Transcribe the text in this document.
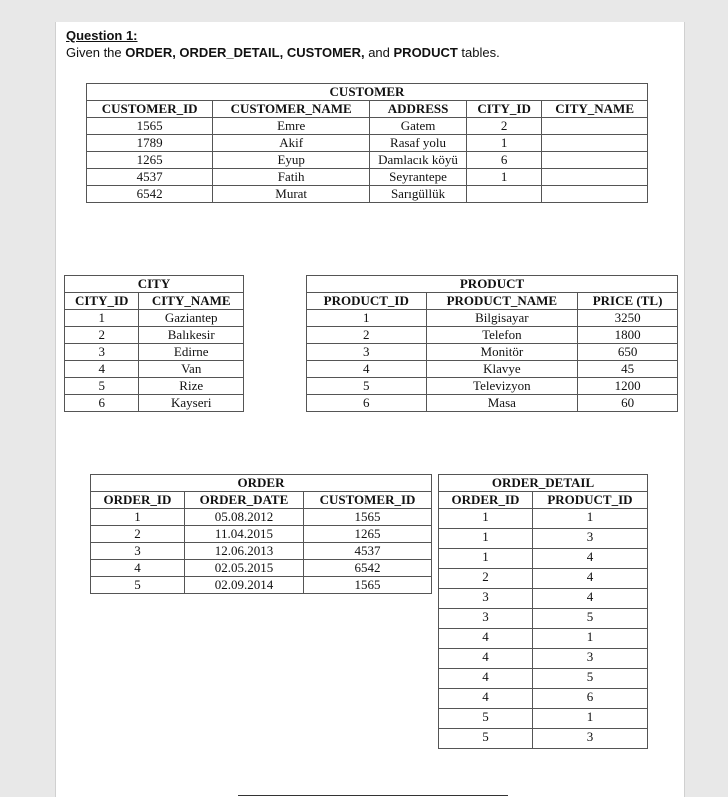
Question 1:
Given the ORDER, ORDER_DETAIL, CUSTOMER, and PRODUCT tables.
CUSTOMER				
CUSTOMER_ID	CUSTOMER_NAME	ADDRESS	CITY_ID	CITY_NAME
1565	Emre	Gatem	2	
1789	Akif	Rasaf yolu	1	
1265	Eyup	Damlacık köyü	6	
4537	Fatih	Seyrantepe	1	
6542	Murat	Sarıgüllük		
CITY	
CITY_ID	CITY_NAME
1	Gaziantep
2	Balıkesir
3	Edirne
4	Van
5	Rize
6	Kayseri
PRODUCT		
PRODUCT_ID	PRODUCT_NAME	PRICE (TL)
1	Bilgisayar	3250
2	Telefon	1800
3	Monitör	650
4	Klavye	45
5	Televizyon	1200
6	Masa	60
ORDER		
ORDER_ID	ORDER_DATE	CUSTOMER_ID
1	05.08.2012	1565
2	11.04.2015	1265
3	12.06.2013	4537
4	02.05.2015	6542
5	02.09.2014	1565
ORDER_DETAIL	
ORDER_ID	PRODUCT_ID
1	1
1	3
1	4
2	4
3	4
3	5
4	1
4	3
4	5
4	6
5	1
5	3
